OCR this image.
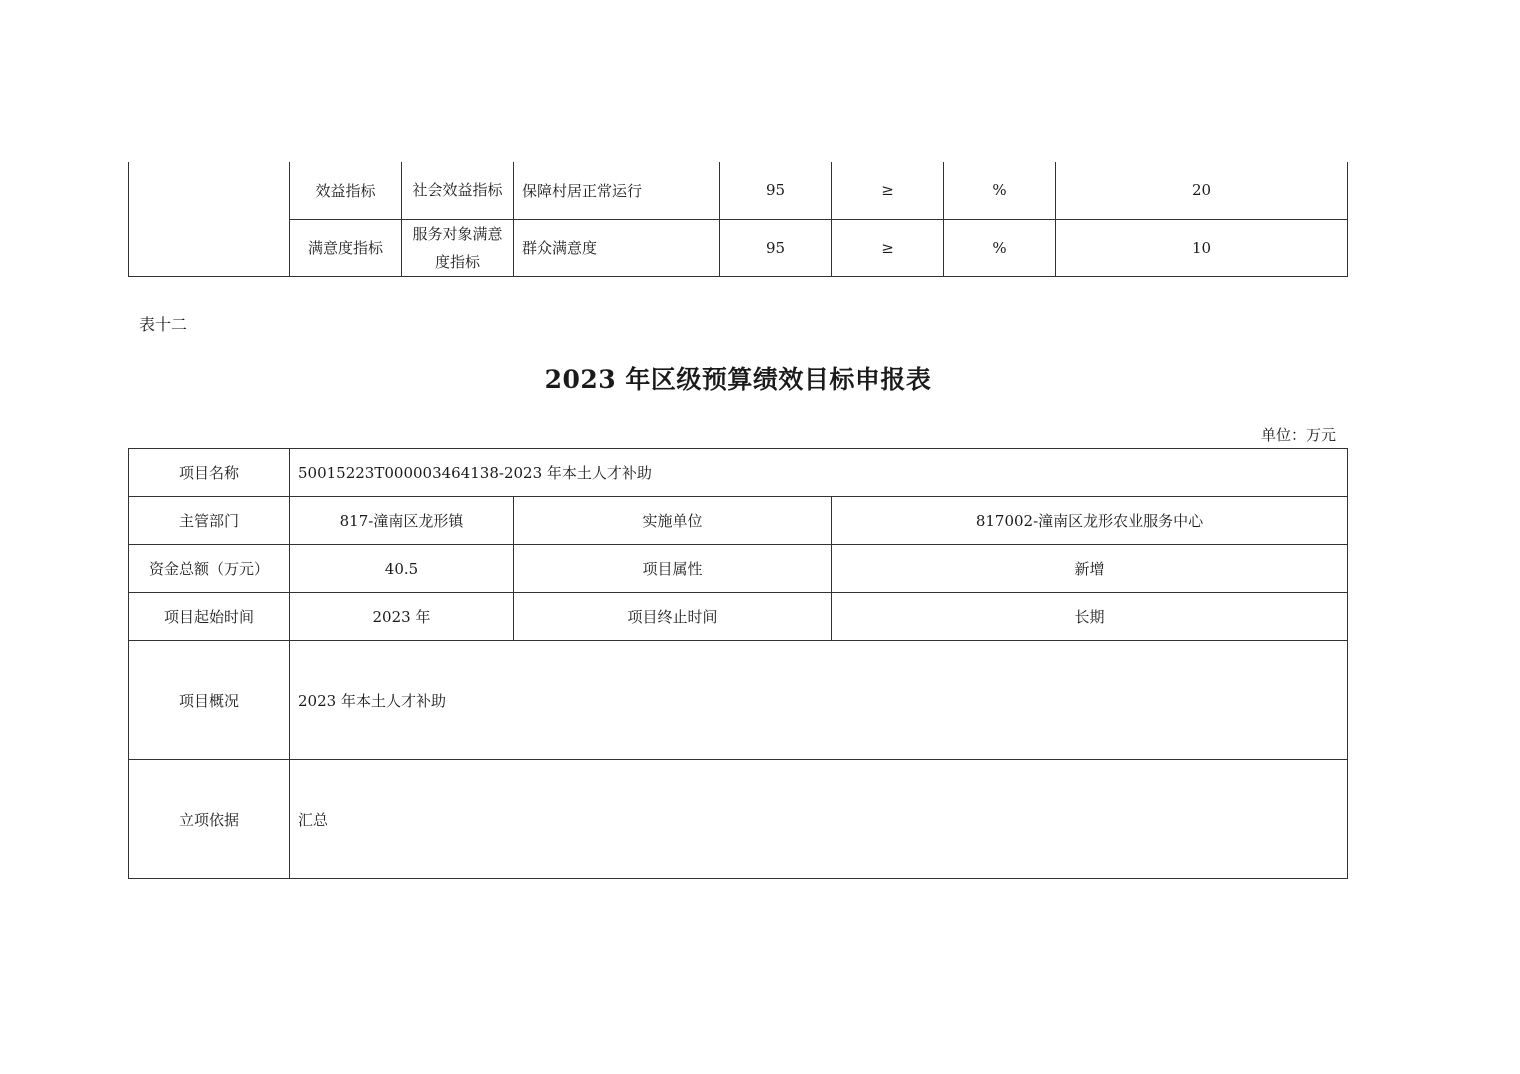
	效益指标	社会效益指标	保障村居正常运行	95	≥	%	20
	满意度指标	服务对象满意度指标	群众满意度	95	≥	%	10
表十二
2023 年区级预算绩效目标申报表
单位：万元
项目名称	50015223T000003464138-2023 年本土人才补助		
主管部门	817-潼南区龙形镇	实施单位	817002-潼南区龙形农业服务中心
资金总额（万元）	40.5	项目属性	新增
项目起始时间	2023 年	项目终止时间	长期
项目概况	2023 年本土人才补助		
立项依据	汇总		
